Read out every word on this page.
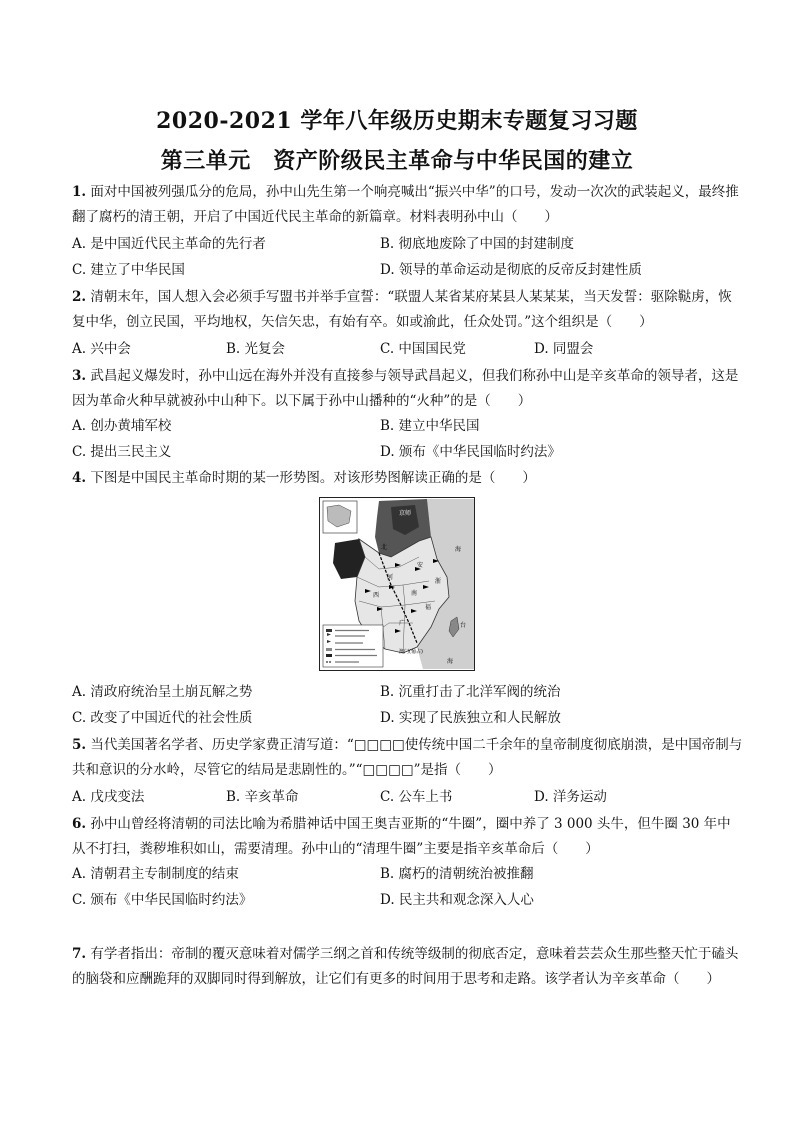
2020-2021 学年八年级历史期末专题复习习题
第三单元　资产阶级民主革命与中华民国的建立
1. 面对中国被列强瓜分的危局，孙中山先生第一个响亮喊出“振兴中华”的口号，发动一次次的武装起义，最终推翻了腐朽的清王朝，开启了中国近代民主革命的新篇章。材料表明孙中山（　　）
A. 是中国近代民主革命的先行者	B. 彻底地废除了中国的封建制度
C. 建立了中华民国	D. 领导的革命运动是彻底的反帝反封建性质
2. 清朝末年，国人想入会必须手写盟书并举手宣誓：“联盟人某省某府某县人某某某，当天发誓：驱除鞑虏，恢复中华，创立民国，平均地权，矢信矢忠，有始有卒。如或渝此，任众处罚。”这个组织是（　　）
A. 兴中会	B. 光复会	C. 中国国民党	D. 同盟会
3. 武昌起义爆发时，孙中山远在海外并没有直接参与领导武昌起义，但我们称孙中山是辛亥革命的领导者，这是因为革命火种早就被孙中山种下。以下属于孙中山播种的“火种”的是（　　）
A. 创办黄埔军校	B. 建立中华民国
C. 提出三民主义	D. 颁布《中华民国临时约法》
4. 下图是中国民主革命时期的某一形势图。对该形势图解读正确的是（　　）
京师
北
河
南
西
安
福
浙
广	台
海
海
澳门(葡占)
A. 清政府统治呈土崩瓦解之势	B. 沉重打击了北洋军阀的统治
C. 改变了中国近代的社会性质	D. 实现了民族独立和人民解放
5. 当代美国著名学者、历史学家费正清写道：“□□□□使传统中国二千余年的皇帝制度彻底崩溃，是中国帝制与共和意识的分水岭，尽管它的结局是悲剧性的。”“□□□□”是指（　　）
A. 戊戌变法	B. 辛亥革命	C. 公车上书	D. 洋务运动
6. 孙中山曾经将清朝的司法比喻为希腊神话中国王奥吉亚斯的“牛圈”，圈中养了 3 000 头牛，但牛圈 30 年中从不打扫，粪秽堆积如山，需要清理。孙中山的“清理牛圈”主要是指辛亥革命后（　　）
A. 清朝君主专制制度的结束	B. 腐朽的清朝统治被推翻
C. 颁布《中华民国临时约法》	D. 民主共和观念深入人心
7. 有学者指出：帝制的覆灭意味着对儒学三纲之首和传统等级制的彻底否定，意味着芸芸众生那些整天忙于磕头的脑袋和应酬跪拜的双脚同时得到解放，让它们有更多的时间用于思考和走路。该学者认为辛亥革命（　　）
